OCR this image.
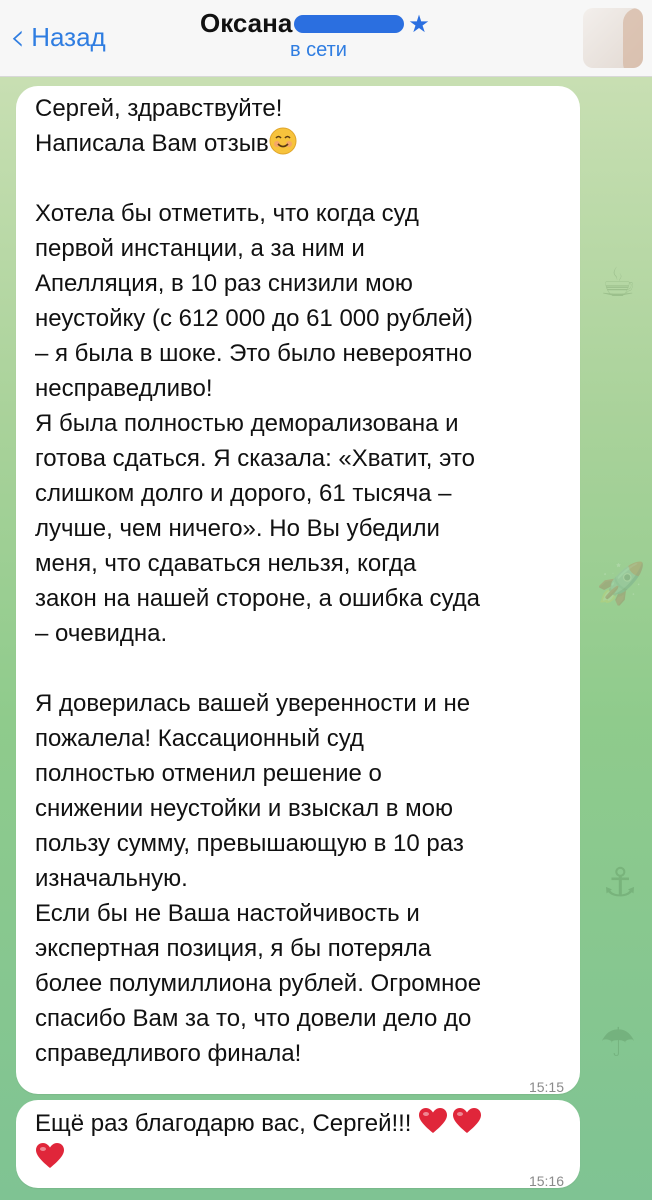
☕
🚀
⚓
☂
‹ Назад	Оксана	★
в сети

Сергей, здравствуйте!

Написала Вам отзыв

Хотела бы отметить, что когда суд

первой инстанции, а за ним и

Апелляция, в 10 раз снизили мою

неустойку (с 612 000 до 61 000 рублей)

– я была в шоке. Это было невероятно

несправедливо!

Я была полностью деморализована и

готова сдаться. Я сказала: «Хватит, это

слишком долго и дорого, 61 тысяча –

лучше, чем ничего». Но Вы убедили

меня, что сдаваться нельзя, когда

закон на нашей стороне, а ошибка суда

– очевидна.

Я доверилась вашей уверенности и не

пожалела! Кассационный суд

полностью отменил решение о

снижении неустойки и взыскал в мою

пользу сумму, превышающую в 10 раз

изначальную.

Если бы не Ваша настойчивость и

экспертная позиция, я бы потеряла

более полумиллиона рублей. Огромное

спасибо Вам за то, что довели дело до

справедливого финала!

15:15

Ещё раз благодарю вас, Сергей!!!

15:16
